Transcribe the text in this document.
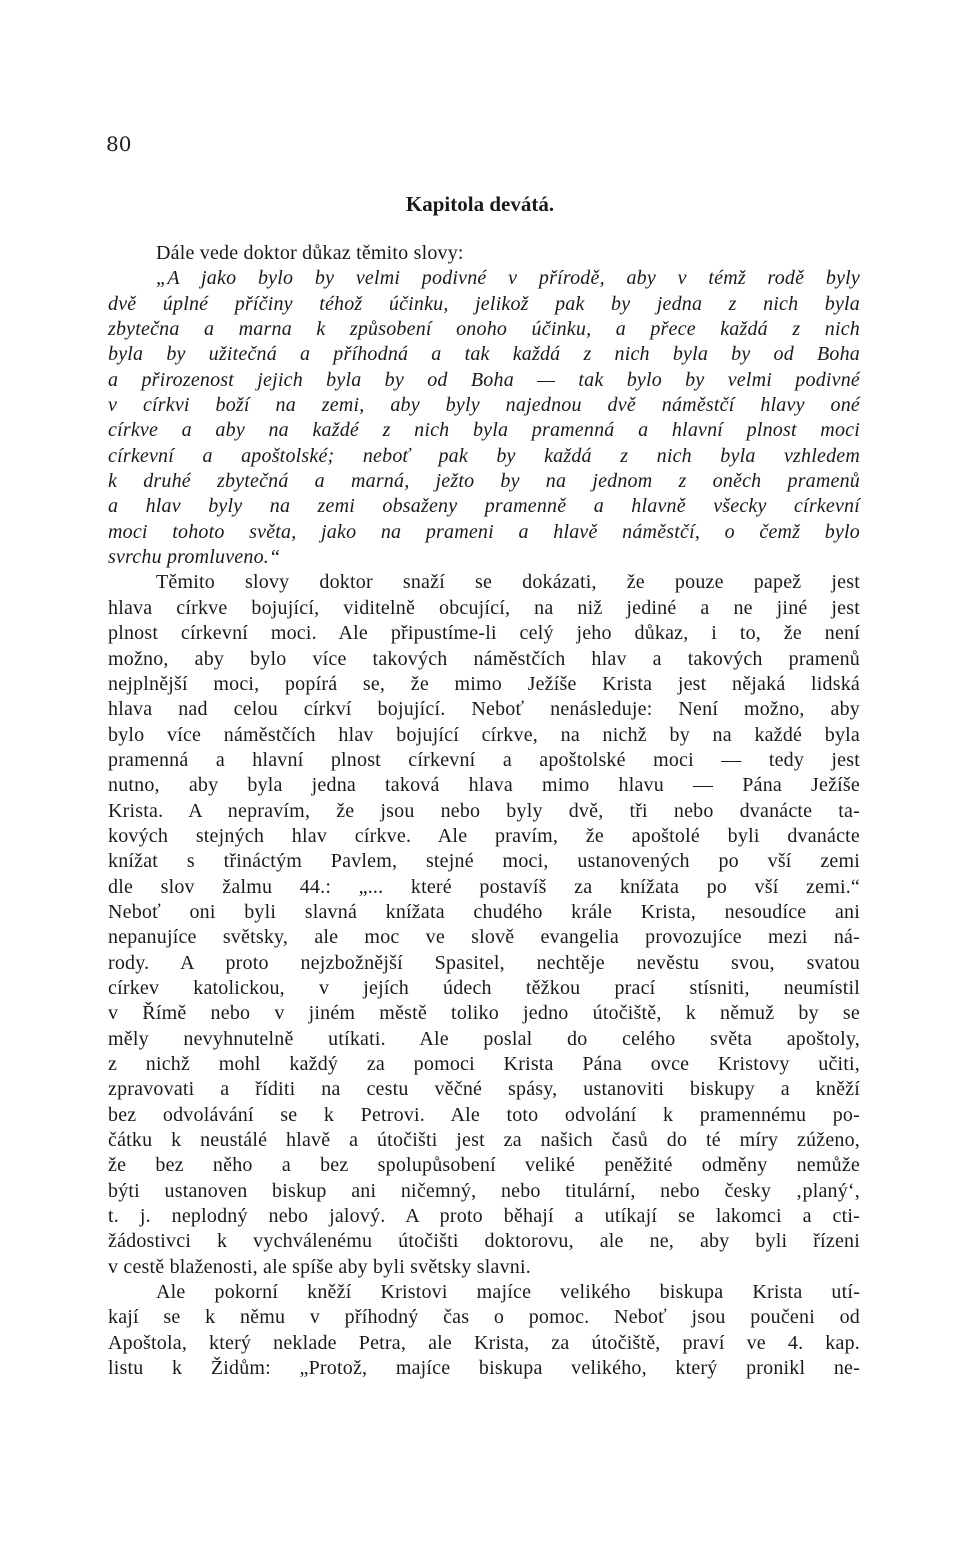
80
Kapitola devátá.
Dále vede doktor důkaz těmito slovy:
„A jako bylo by velmi podivné v přírodě, aby v témž rodě byly
dvě úplné příčiny téhož účinku, jelikož pak by jedna z nich byla
zbytečna a marna k způsobení onoho účinku, a přece každá z nich
byla by užitečná a příhodná a tak každá z nich byla by od Boha
a přirozenost jejich byla by od Boha — tak bylo by velmi podivné
v církvi boží na zemi, aby byly najednou dvě náměstčí hlavy oné
církve a aby na každé z nich byla pramenná a hlavní plnost moci
církevní a apoštolské; neboť pak by každá z nich byla vzhledem
k druhé zbytečná a marná, ježto by na jednom z oněch pramenů
a hlav byly na zemi obsaženy pramenně a hlavně všecky církevní
moci tohoto světa, jako na prameni a hlavě náměstčí, o čemž bylo
svrchu promluveno.“
Těmito slovy doktor snaží se dokázati, že pouze papež jest
hlava církve bojující, viditelně obcující, na niž jediné a ne jiné jest
plnost církevní moci. Ale připustíme-li celý jeho důkaz, i to, že není
možno, aby bylo více takových náměstčích hlav a takových pramenů
nejplnější moci, popírá se, že mimo Ježíše Krista jest nějaká lidská
hlava nad celou církví bojující. Neboť nenásleduje: Není možno, aby
bylo více náměstčích hlav bojující církve, na nichž by na každé byla
pramenná a hlavní plnost církevní a apoštolské moci — tedy jest
nutno, aby byla jedna taková hlava mimo hlavu — Pána Ježíše
Krista. A nepravím, že jsou nebo byly dvě, tři nebo dvanácte ta-
kových stejných hlav církve. Ale pravím, že apoštolé byli dvanácte
knížat s třináctým Pavlem, stejné moci, ustanovených po vší zemi
dle slov žalmu 44.: „... které postavíš za knížata po vší zemi.“
Neboť oni byli slavná knížata chudého krále Krista, nesoudíce ani
nepanujíce světsky, ale moc ve slově evangelia provozujíce mezi ná-
rody. A proto nejzbožnější Spasitel, nechtěje nevěstu svou, svatou
církev katolickou, v jejích údech těžkou prací stísniti, neumístil
v Římě nebo v jiném městě toliko jedno útočiště, k němuž by se
měly nevyhnutelně utíkati. Ale poslal do celého světa apoštoly,
z nichž mohl každý za pomoci Krista Pána ovce Kristovy učiti,
zpravovati a říditi na cestu věčné spásy, ustanoviti biskupy a kněží
bez odvolávání se k Petrovi. Ale toto odvolání k pramennému po-
čátku k neustálé hlavě a útočišti jest za našich časů do té míry zúženo,
že bez něho a bez spolupůsobení veliké peněžité odměny nemůže
býti ustanoven biskup ani ničemný, nebo titulární, nebo česky ‚planý‘,
t. j. neplodný nebo jalový. A proto běhají a utíkají se lakomci a cti-
žádostivci k vychválenému útočišti doktorovu, ale ne, aby byli řízeni
v cestě blaženosti, ale spíše aby byli světsky slavni.
Ale pokorní kněží Kristovi majíce velikého biskupa Krista utí-
kají se k němu v příhodný čas o pomoc. Neboť jsou poučeni od
Apoštola, který neklade Petra, ale Krista, za útočiště, praví ve 4. kap.
listu k Židům: „Protož, majíce biskupa velikého, který pronikl ne-
